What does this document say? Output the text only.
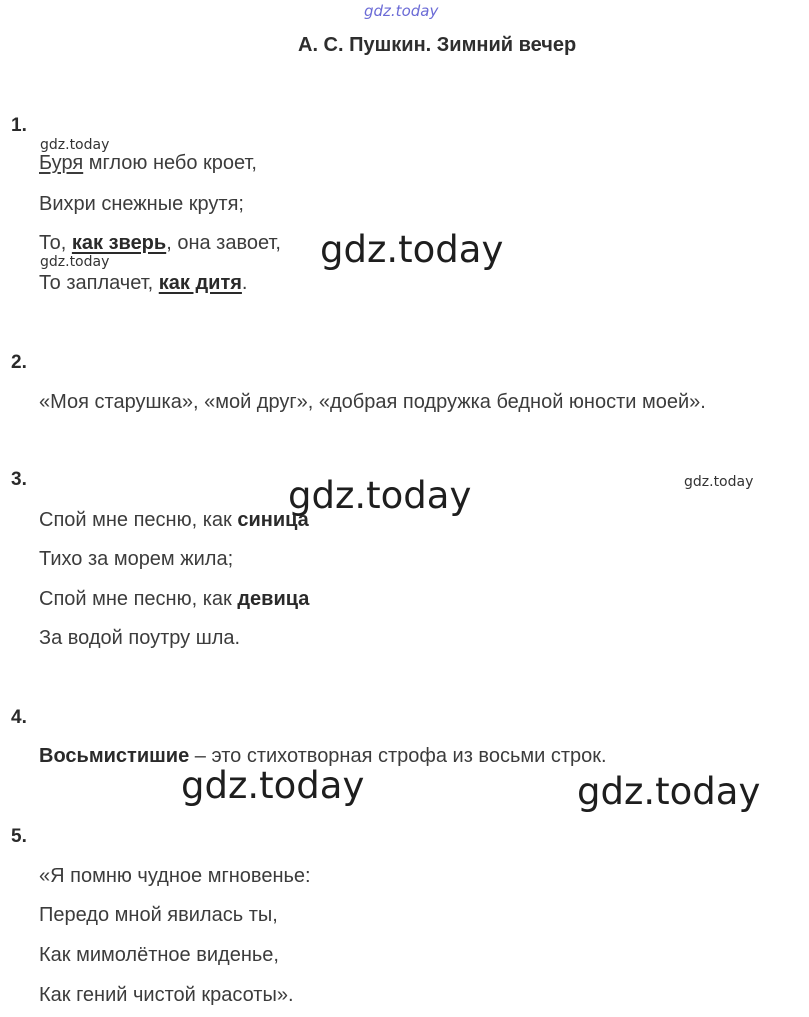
gdz.today
А. С. Пушкин. Зимний вечер
1.
gdz.today
Буря мглою небо кроет,
Вихри снежные крутя;
То, как зверь, она завоет,
gdz.today
То заплачет, как дитя.
gdz.today
2.
«Моя старушка», «мой друг», «добрая подружка бедной юности моей».
3.	gdz.today	gdz.today
Спой мне песню, как синица
Тихо за морем жила;
Спой мне песню, как девица
За водой поутру шла.
4.
Восьмистишие – это стихотворная строфа из восьми строк.
gdz.today	gdz.today
5.
«Я помню чудное мгновенье:
Передо мной явилась ты,
Как мимолётное виденье,
Как гений чистой красоты».
